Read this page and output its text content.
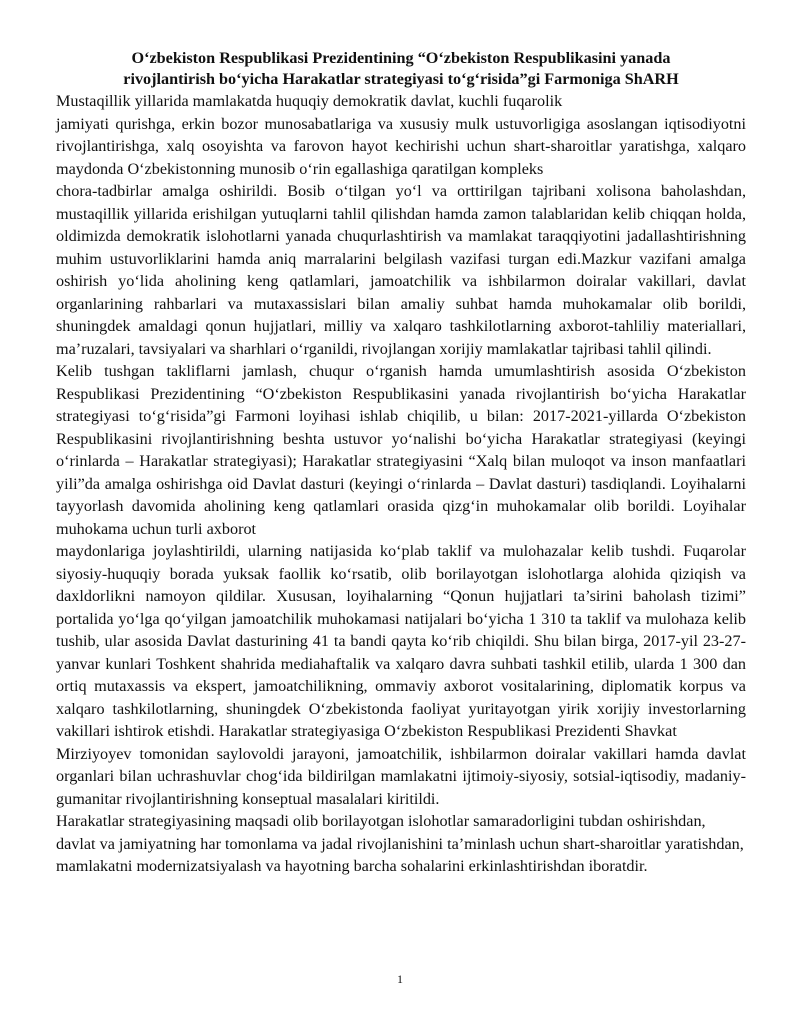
O‘zbekiston Respublikasi Prezidentining “O‘zbekiston Respublikasini yanada
rivojlantirish bo‘yicha Harakatlar strategiyasi to‘g‘risida”gi Farmoniga ShARH

Mustaqillik yillarida mamlakatda huquqiy demokratik davlat, kuchli fuqarolik

jamiyati qurishga, erkin bozor munosabatlariga va xususiy mulk ustuvorligiga asoslangan iqtisodiyotni rivojlantirishga, xalq osoyishta va farovon hayot kechirishi uchun shart-sharoitlar yaratishga, xalqaro maydonda O‘zbekistonning munosib o‘rin egallashiga qaratilgan kompleks

chora-tadbirlar amalga oshirildi. Bosib o‘tilgan yo‘l va orttirilgan tajribani xolisona baholashdan, mustaqillik yillarida erishilgan yutuqlarni tahlil qilishdan hamda zamon talablaridan kelib chiqqan holda, oldimizda demokratik islohotlarni yanada chuqurlashtirish va mamlakat taraqqiyotini jadallashtirishning muhim ustuvorliklarini hamda aniq marralarini belgilash vazifasi turgan edi.Mazkur vazifani amalga oshirish yo‘lida aholining keng qatlamlari, jamoatchilik va ishbilarmon doiralar vakillari, davlat organlarining rahbarlari va mutaxassislari bilan amaliy suhbat hamda muhokamalar olib borildi, shuningdek amaldagi qonun hujjatlari, milliy va xalqaro tashkilotlarning axborot-tahliliy materiallari, ma’ruzalari, tavsiyalari va sharhlari o‘rganildi, rivojlangan xorijiy mamlakatlar tajribasi tahlil qilindi.

Kelib tushgan takliflarni jamlash, chuqur o‘rganish hamda umumlashtirish asosida O‘zbekiston Respublikasi Prezidentining “O‘zbekiston Respublikasini yanada rivojlantirish bo‘yicha Harakatlar strategiyasi to‘g‘risida”gi Farmoni loyihasi ishlab chiqilib, u bilan: 2017-2021-yillarda O‘zbekiston Respublikasini rivojlantirishning beshta ustuvor yo‘nalishi bo‘yicha Harakatlar strategiyasi (keyingi o‘rinlarda – Harakatlar strategiyasi); Harakatlar strategiyasini “Xalq bilan muloqot va inson manfaatlari yili”da amalga oshirishga oid Davlat dasturi (keyingi o‘rinlarda – Davlat dasturi) tasdiqlandi. Loyihalarni tayyorlash davomida aholining keng qatlamlari orasida qizg‘in muhokamalar olib borildi. Loyihalar muhokama uchun turli axborot

maydonlariga joylashtirildi, ularning natijasida ko‘plab taklif va mulohazalar kelib tushdi. Fuqarolar siyosiy-huquqiy borada yuksak faollik ko‘rsatib, olib borilayotgan islohotlarga alohida qiziqish va daxldorlikni namoyon qildilar. Xususan, loyihalarning “Qonun hujjatlari ta’sirini baholash tizimi” portalida yo‘lga qo‘yilgan jamoatchilik muhokamasi natijalari bo‘yicha 1 310 ta taklif va mulohaza kelib tushib, ular asosida Davlat dasturining 41 ta bandi qayta ko‘rib chiqildi. Shu bilan birga, 2017-yil 23-27-yanvar kunlari Toshkent shahrida mediahaftalik va xalqaro davra suhbati tashkil etilib, ularda 1 300 dan ortiq mutaxassis va ekspert, jamoatchilikning, ommaviy axborot vositalarining, diplomatik korpus va xalqaro tashkilotlarning, shuningdek O‘zbekistonda faoliyat yuritayotgan yirik xorijiy investorlarning vakillari ishtirok etishdi. Harakatlar strategiyasiga O‘zbekiston Respublikasi Prezidenti Shavkat

Mirziyoyev tomonidan saylovoldi jarayoni, jamoatchilik, ishbilarmon doiralar vakillari hamda davlat organlari bilan uchrashuvlar chog‘ida bildirilgan mamlakatni ijtimoiy-siyosiy, sotsial-iqtisodiy, madaniy-gumanitar rivojlantirishning konseptual masalalari kiritildi.

Harakatlar strategiyasining maqsadi olib borilayotgan islohotlar samaradorligini tubdan oshirishdan, davlat va jamiyatning har tomonlama va jadal rivojlanishini ta’minlash uchun shart-sharoitlar yaratishdan, mamlakatni modernizatsiyalash va hayotning barcha sohalarini erkinlashtirishdan iboratdir.

1
